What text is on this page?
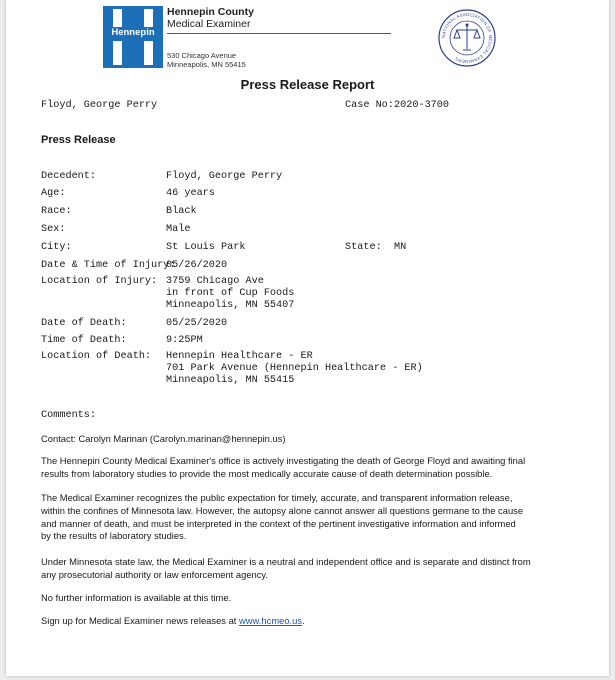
Hennepin
Hennepin County
Medical Examiner
530 Chicago Avenue
Minneapolis, MN 55415
NATIONAL ASSOCIATION OF MEDICAL EXAMINERS
Press Release Report
Floyd, George Perry	Case No: 2020-3700
Press Release
Decedent:	Floyd, George Perry
Age:	46 years
Race:	Black
Sex:	Male
City:	St Louis Park	State: MN
Date & Time of Injury:
05/26/2020
Location of Injury: 3759 Chicago Ave
in front of Cup Foods
Minneapolis, MN 55407
Date of Death:	05/25/2020
Time of Death:	9:25PM
Location of Death: Hennepin Healthcare - ER
701 Park Avenue (Hennepin Healthcare - ER)
Minneapolis, MN 55415
Comments:
Contact: Carolyn Marinan (Carolyn.marinan@hennepin.us)
The Hennepin County Medical Examiner's office is actively investigating the death of George Floyd and awaiting final
results from laboratory studies to provide the most medically accurate cause of death determination possible.
The Medical Examiner recognizes the public expectation for timely, accurate, and transparent information release,
within the confines of Minnesota law. However, the autopsy alone cannot answer all questions germane to the cause
and manner of death, and must be interpreted in the context of the pertinent investigative information and informed
by the results of laboratory studies.
Under Minnesota state law, the Medical Examiner is a neutral and independent office and is separate and distinct from
any prosecutorial authority or law enforcement agency.
No further information is available at this time.
Sign up for Medical Examiner news releases at www.hcmeo.us.
